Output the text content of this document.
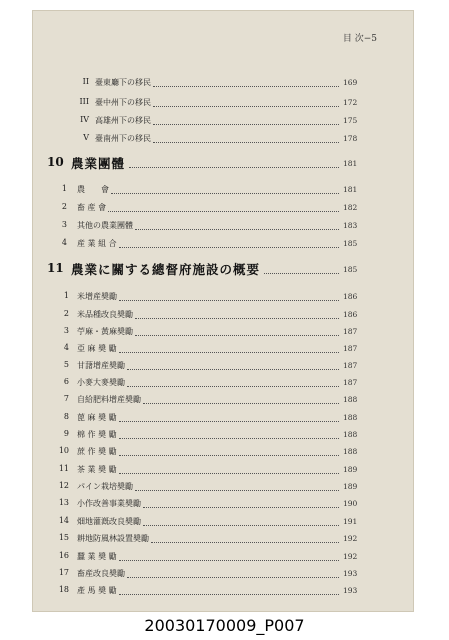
目 次−5
II 臺東廳下の移民	169
III 臺中州下の移民	172
IV 高雄州下の移民	175
V 臺南州下の移民	178
10 農業團體	181
1 農　　會	181
2 畜 産 會	182
3 其他の農業團體	183
4 産 業 組 合	185
11 農業に關する總督府施設の概要	185
1 米增産奬勵	186
2 米品種改良奬勵	186
3 苧麻・黃麻奬勵	187
4 亞 麻 奬 勵	187
5 甘藷增産奬勵	187
6 小麥大麥奬勵	187
7 自給肥料增産奬勵	188
8 蓖 麻 奬 勵	188
9 棉 作 奬 勵	188
10 蔗 作 奬 勵	188
11 茶 業 奬 勵	189
12 パイン栽培奬勵	189
13 小作改善事業奬勵	190
14 畑地灌漑改良奬勵	191
15 耕地防風林設置奬勵	192
16 蠶 業 奬 勵	192
17 畜産改良奬勵	193
18 產 馬 奬 勵	193
20030170009_P007
